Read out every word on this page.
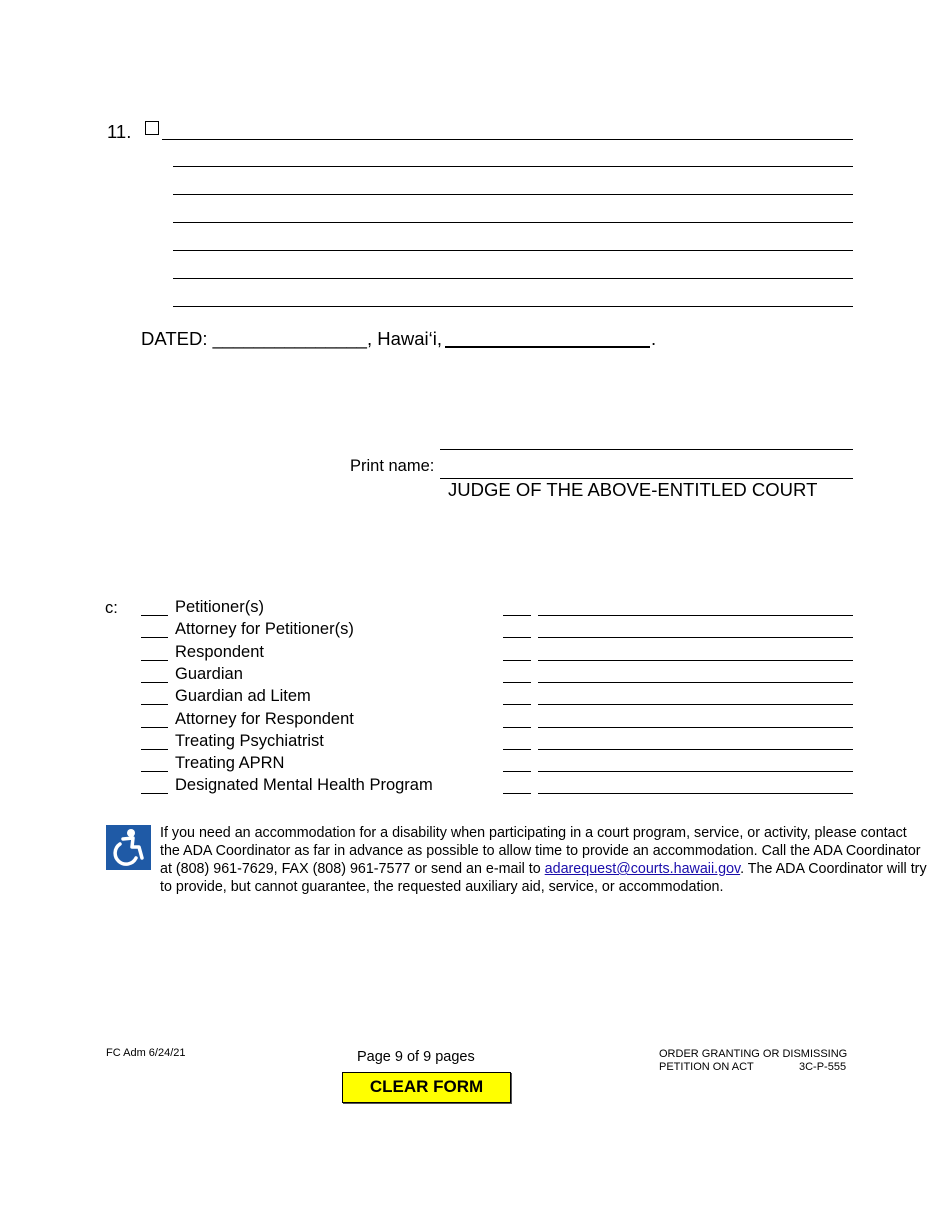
11.
DATED: _______________, Hawai‘i,	.
Print name:
JUDGE OF THE ABOVE-ENTITLED COURT
c:	Petitioner(s)
Attorney for Petitioner(s)
Respondent
Guardian
Guardian ad Litem
Attorney for Respondent
Treating Psychiatrist
Treating APRN
Designated Mental Health Program
If you need an accommodation for a disability when participating in a court program, service, or activity, please contact the ADA Coordinator as far in advance as possible to allow time to provide an accommodation. Call the ADA Coordinator at (808) 961-7629, FAX (808) 961-7577 or send an e-mail to adarequest@courts.hawaii.gov. The ADA Coordinator will try to provide, but cannot guarantee, the requested auxiliary aid, service, or accommodation.
FC Adm 6/24/21	Page 9 of 9 pages	ORDER GRANTING OR DISMISSING
PETITION ON ACT	3C-P-555
CLEAR FORM
